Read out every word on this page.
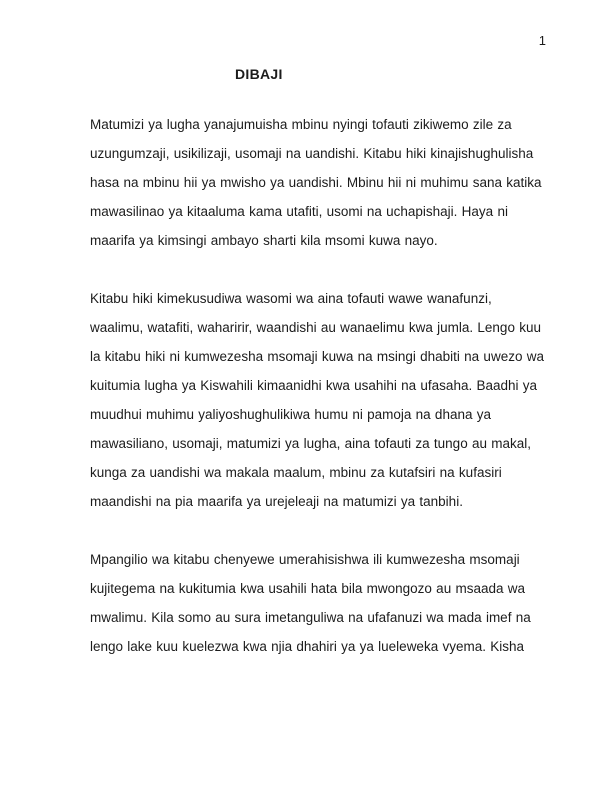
1
DIBAJI

Matumizi ya lugha yanajumuisha mbinu nyingi tofauti zikiwemo zile za uzungumzaji, usikilizaji, usomaji na uandishi. Kitabu hiki kinajishughulisha hasa na mbinu hii ya mwisho ya uandishi. Mbinu hii ni muhimu sana katika mawasilinao ya kitaaluma kama utafiti, usomi na uchapishaji. Haya ni maarifa ya kimsingi ambayo sharti kila msomi kuwa nayo.

Kitabu hiki kimekusudiwa wasomi wa aina tofauti wawe wanafunzi, waalimu, watafiti, waharirir, waandishi au wanaelimu kwa jumla. Lengo kuu la kitabu hiki ni kumwezesha msomaji kuwa na msingi dhabiti na uwezo wa kuitumia lugha ya Kiswahili kimaanidhi kwa usahihi na ufasaha. Baadhi ya muudhui muhimu yaliyoshughulikiwa humu ni pamoja na dhana ya mawasiliano, usomaji, matumizi ya lugha, aina tofauti za tungo au makal, kunga za uandishi wa makala maalum, mbinu za kutafsiri na kufasiri maandishi na pia maarifa ya urejeleaji na matumizi ya tanbihi.

Mpangilio wa kitabu chenyewe umerahisishwa ili kumwezesha msomaji kujitegema na kukitumia kwa usahili hata bila mwongozo au msaada wa mwalimu. Kila somo au sura imetanguliwa na ufafanuzi wa mada imef na lengo lake kuu kuelezwa kwa njia dhahiri ya ya lueleweka vyema. Kisha
